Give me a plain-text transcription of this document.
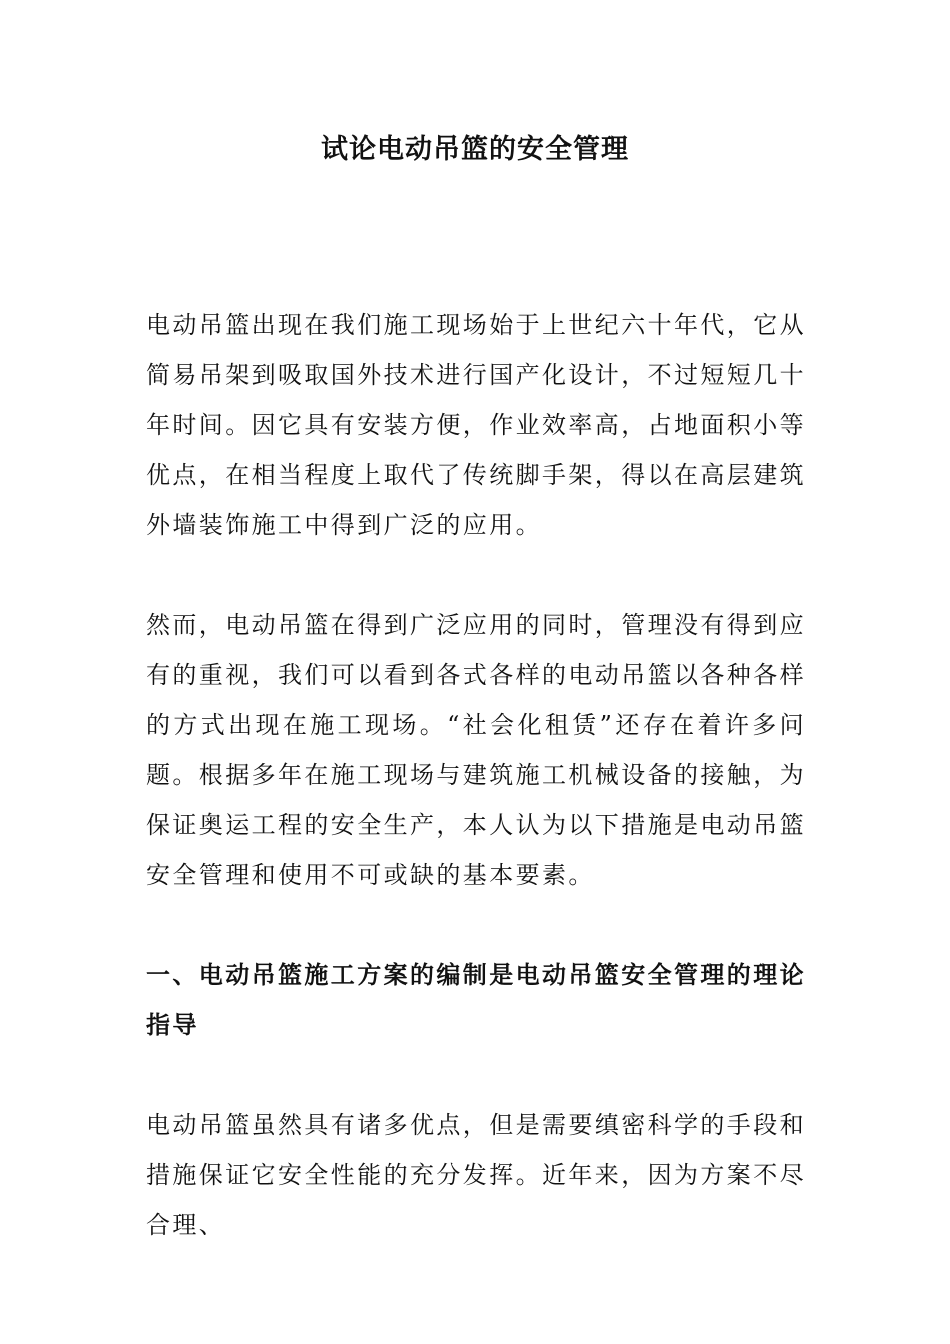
试论电动吊篮的安全管理

电动吊篮出现在我们施工现场始于上世纪六十年代，它从简易吊架到吸取国外技术进行国产化设计，不过短短几十年时间。因它具有安装方便，作业效率高，占地面积小等优点，在相当程度上取代了传统脚手架，得以在高层建筑外墙装饰施工中得到广泛的应用。

然而，电动吊篮在得到广泛应用的同时，管理没有得到应有的重视，我们可以看到各式各样的电动吊篮以各种各样的方式出现在施工现场。“社会化租赁”还存在着许多问题。根据多年在施工现场与建筑施工机械设备的接触，为保证奥运工程的安全生产，本人认为以下措施是电动吊篮安全管理和使用不可或缺的基本要素。

一、电动吊篮施工方案的编制是电动吊篮安全管理的理论指导

电动吊篮虽然具有诸多优点，但是需要缜密科学的手段和措施保证它安全性能的充分发挥。近年来，因为方案不尽合理、
